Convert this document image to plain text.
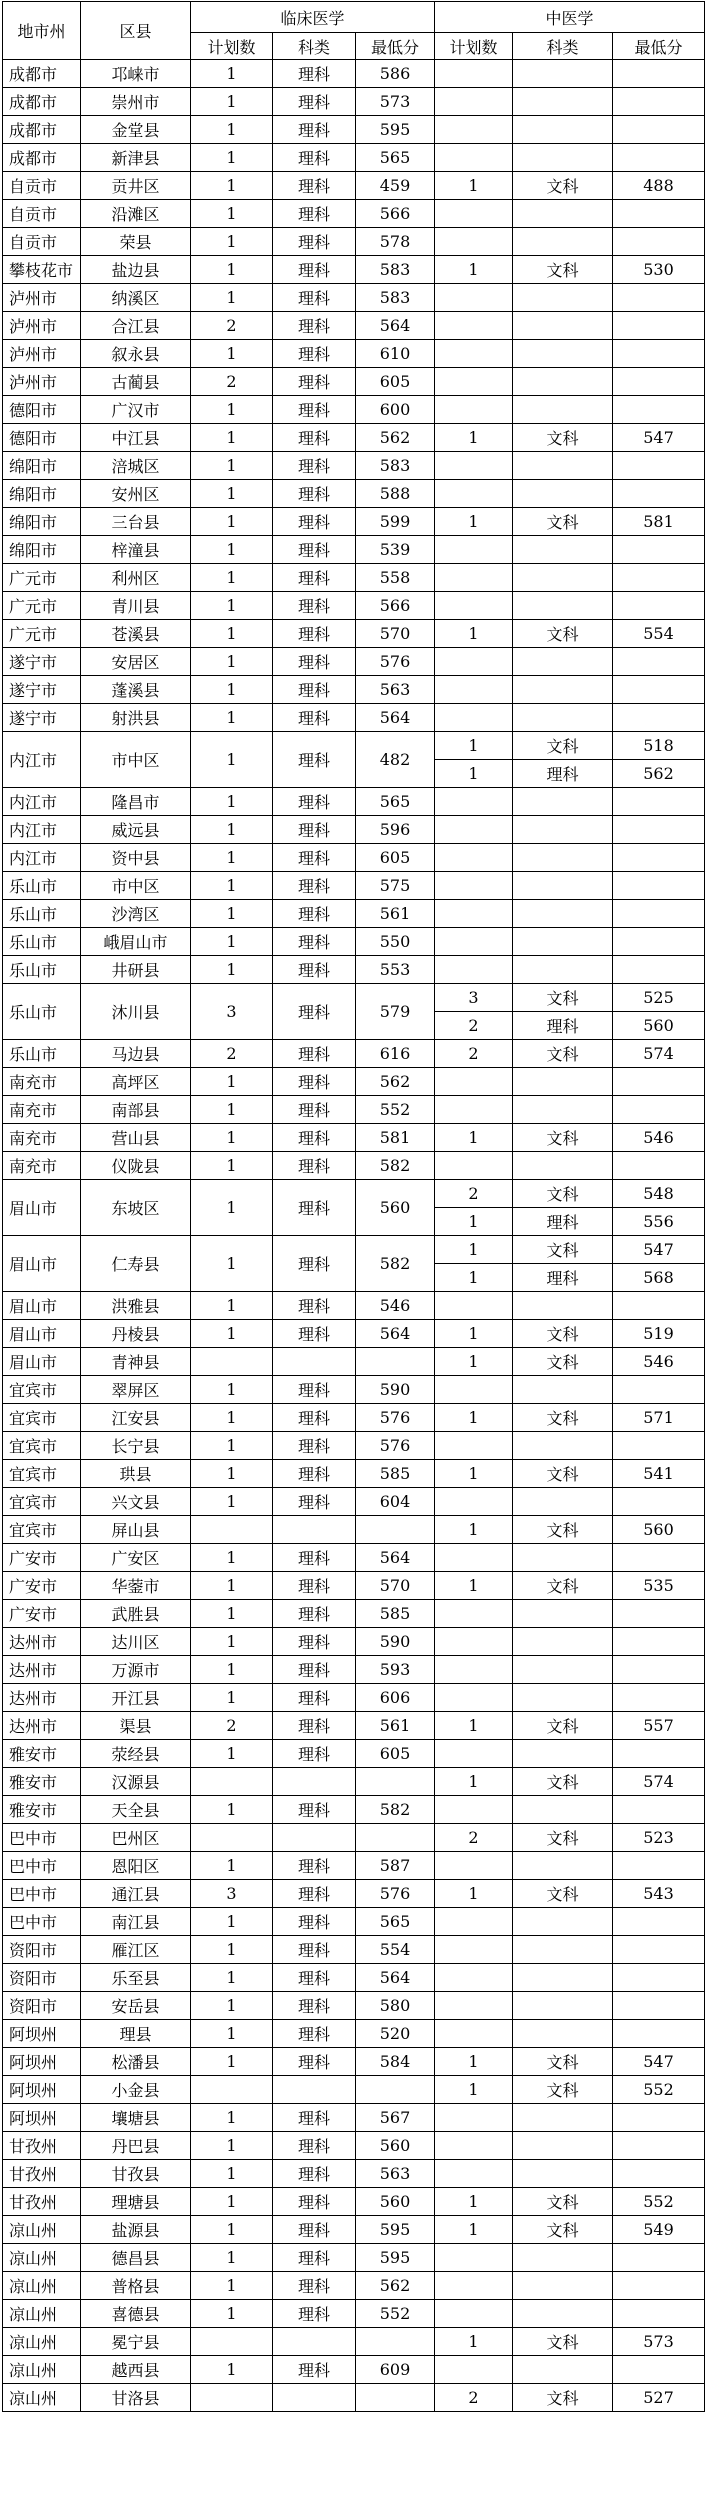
地市州	区县	临床医学			中医学		
		计划数	科类	最低分	计划数	科类	最低分
成都市	邛崃市	1	理科	586			
成都市	崇州市	1	理科	573			
成都市	金堂县	1	理科	595			
成都市	新津县	1	理科	565			
自贡市	贡井区	1	理科	459	1	文科	488
自贡市	沿滩区	1	理科	566			
自贡市	荣县	1	理科	578			
攀枝花市	盐边县	1	理科	583	1	文科	530
泸州市	纳溪区	1	理科	583			
泸州市	合江县	2	理科	564			
泸州市	叙永县	1	理科	610			
泸州市	古蔺县	2	理科	605			
德阳市	广汉市	1	理科	600			
德阳市	中江县	1	理科	562	1	文科	547
绵阳市	涪城区	1	理科	583			
绵阳市	安州区	1	理科	588			
绵阳市	三台县	1	理科	599	1	文科	581
绵阳市	梓潼县	1	理科	539			
广元市	利州区	1	理科	558			
广元市	青川县	1	理科	566			
广元市	苍溪县	1	理科	570	1	文科	554
遂宁市	安居区	1	理科	576			
遂宁市	蓬溪县	1	理科	563			
遂宁市	射洪县	1	理科	564			
内江市	市中区	1	理科	482	1	文科	518
					1	理科	562
内江市	隆昌市	1	理科	565			
内江市	威远县	1	理科	596			
内江市	资中县	1	理科	605			
乐山市	市中区	1	理科	575			
乐山市	沙湾区	1	理科	561			
乐山市	峨眉山市	1	理科	550			
乐山市	井研县	1	理科	553			
乐山市	沐川县	3	理科	579	3	文科	525
					2	理科	560
乐山市	马边县	2	理科	616	2	文科	574
南充市	高坪区	1	理科	562			
南充市	南部县	1	理科	552			
南充市	营山县	1	理科	581	1	文科	546
南充市	仪陇县	1	理科	582			
眉山市	东坡区	1	理科	560	2	文科	548
					1	理科	556
眉山市	仁寿县	1	理科	582	1	文科	547
					1	理科	568
眉山市	洪雅县	1	理科	546			
眉山市	丹棱县	1	理科	564	1	文科	519
眉山市	青神县				1	文科	546
宜宾市	翠屏区	1	理科	590			
宜宾市	江安县	1	理科	576	1	文科	571
宜宾市	长宁县	1	理科	576			
宜宾市	珙县	1	理科	585	1	文科	541
宜宾市	兴文县	1	理科	604			
宜宾市	屏山县				1	文科	560
广安市	广安区	1	理科	564			
广安市	华蓥市	1	理科	570	1	文科	535
广安市	武胜县	1	理科	585			
达州市	达川区	1	理科	590			
达州市	万源市	1	理科	593			
达州市	开江县	1	理科	606			
达州市	渠县	2	理科	561	1	文科	557
雅安市	荥经县	1	理科	605			
雅安市	汉源县				1	文科	574
雅安市	天全县	1	理科	582			
巴中市	巴州区				2	文科	523
巴中市	恩阳区	1	理科	587			
巴中市	通江县	3	理科	576	1	文科	543
巴中市	南江县	1	理科	565			
资阳市	雁江区	1	理科	554			
资阳市	乐至县	1	理科	564			
资阳市	安岳县	1	理科	580			
阿坝州	理县	1	理科	520			
阿坝州	松潘县	1	理科	584	1	文科	547
阿坝州	小金县				1	文科	552
阿坝州	壤塘县	1	理科	567			
甘孜州	丹巴县	1	理科	560			
甘孜州	甘孜县	1	理科	563			
甘孜州	理塘县	1	理科	560	1	文科	552
凉山州	盐源县	1	理科	595	1	文科	549
凉山州	德昌县	1	理科	595			
凉山州	普格县	1	理科	562			
凉山州	喜德县	1	理科	552			
凉山州	冕宁县				1	文科	573
凉山州	越西县	1	理科	609			
凉山州	甘洛县				2	文科	527
